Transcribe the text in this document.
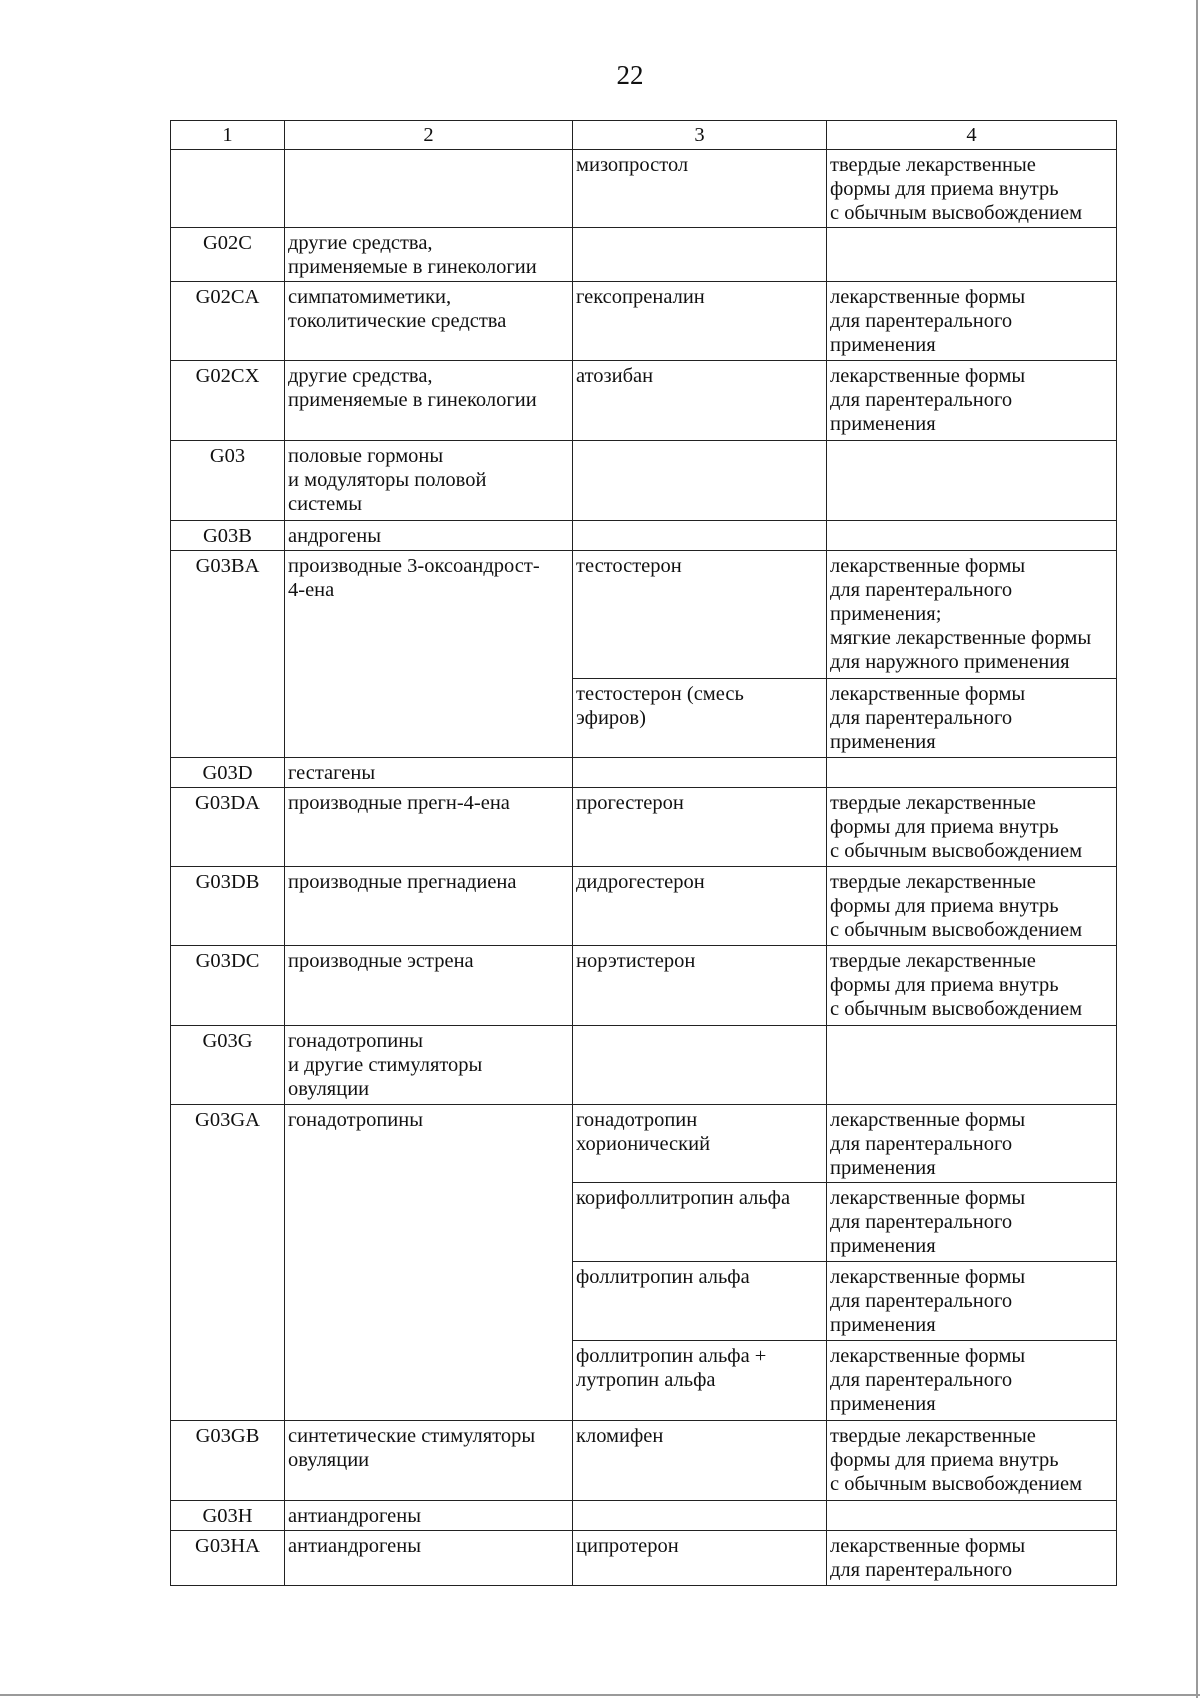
22
1	2	3	4
		мизопростол	твердые лекарственные
формы для приема внутрь
с обычным высвобождением
G02C	другие средства,
применяемые в гинекологии		
G02CA	симпатомиметики,
токолитические средства	гексопреналин	лекарственные формы
для парентерального
применения
G02CX	другие средства,
применяемые в гинекологии	атозибан	лекарственные формы
для парентерального
применения
G03	половые гормоны
и модуляторы половой
системы		
G03B	андрогены		
G03BA	производные 3-оксоандрост-
4-ена	тестостерон	лекарственные формы
для парентерального
применения;
мягкие лекарственные формы
для наружного применения
		тестостерон (смесь
эфиров)	лекарственные формы
для парентерального
применения
G03D	гестагены		
G03DA	производные прегн-4-ена	прогестерон	твердые лекарственные
формы для приема внутрь
с обычным высвобождением
G03DB	производные прегнадиена	дидрогестерон	твердые лекарственные
формы для приема внутрь
с обычным высвобождением
G03DC	производные эстрена	норэтистерон	твердые лекарственные
формы для приема внутрь
с обычным высвобождением
G03G	гонадотропины
и другие стимуляторы
овуляции		
G03GA	гонадотропины	гонадотропин
хорионический	лекарственные формы
для парентерального
применения
		корифоллитропин альфа	лекарственные формы
для парентерального
применения
		фоллитропин альфа	лекарственные формы
для парентерального
применения
		фоллитропин альфа +
лутропин альфа	лекарственные формы
для парентерального
применения
G03GB	синтетические стимуляторы
овуляции	кломифен	твердые лекарственные
формы для приема внутрь
с обычным высвобождением
G03H	антиандрогены		
G03HA	антиандрогены	ципротерон	лекарственные формы
для парентерального
